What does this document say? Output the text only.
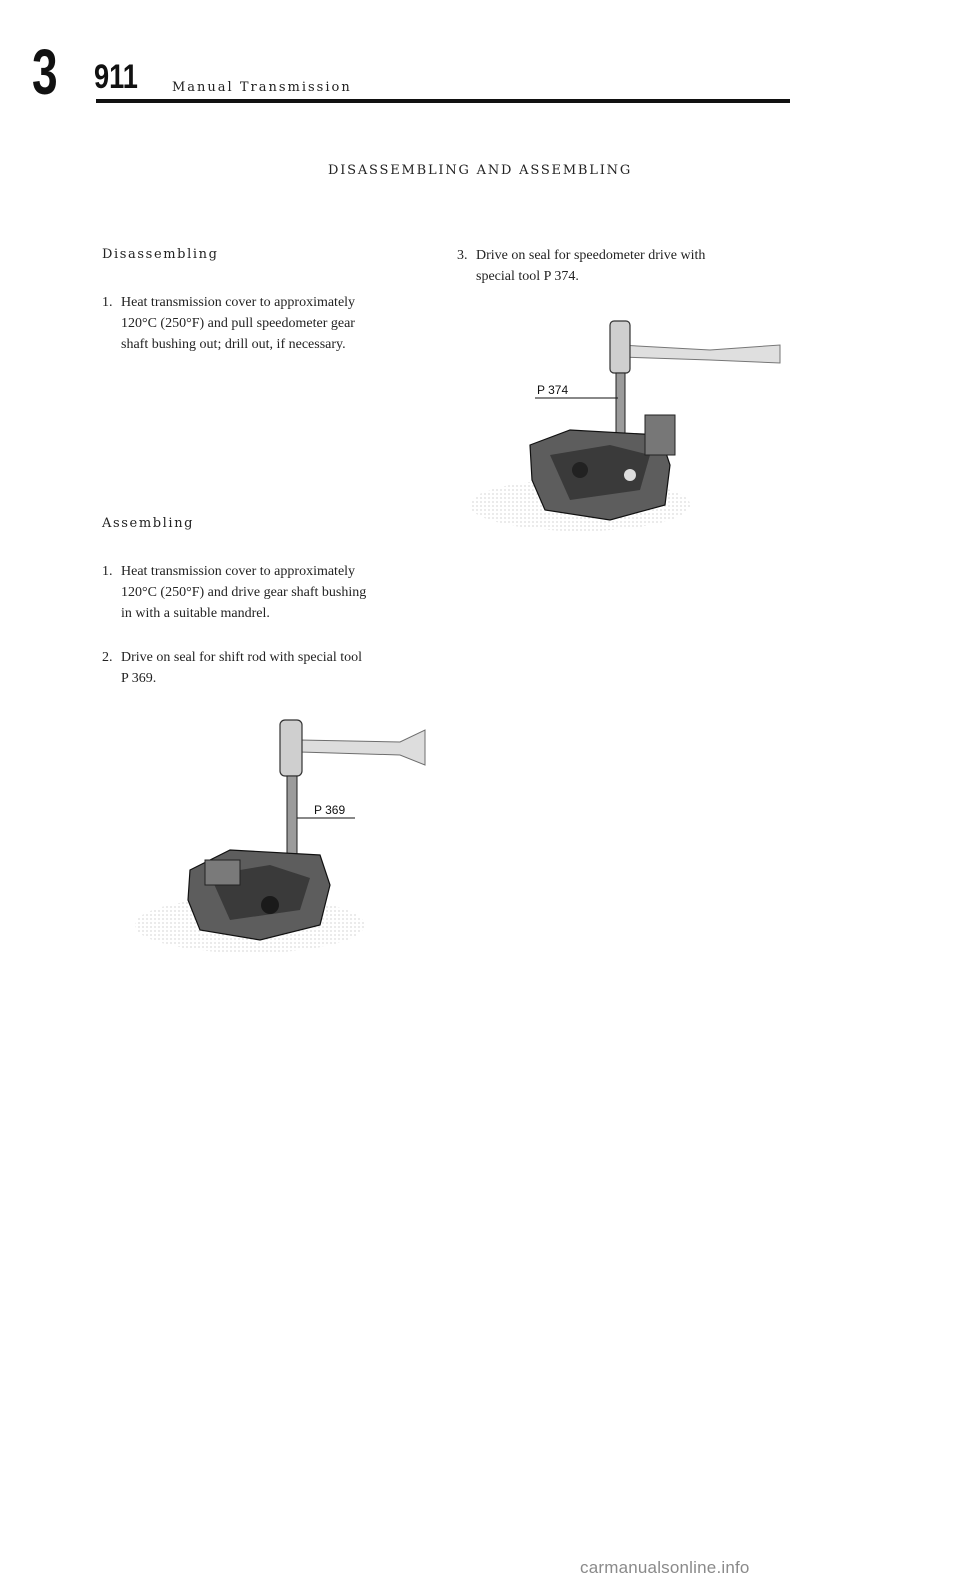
3 911	Manual Transmission
DISASSEMBLING AND ASSEMBLING
Disassembling
1. Heat transmission cover to approximately
120°C (250°F) and pull speedometer gear
shaft bushing out; drill out, if necessary.
Assembling
1. Heat transmission cover to approximately
120°C (250°F) and drive gear shaft bushing
in with a suitable mandrel.
2. Drive on seal for shift rod with special tool
P 369.
3. Drive on seal for speedometer drive with
special tool P 374.
P 374
P 369
carmanualsonline.info
